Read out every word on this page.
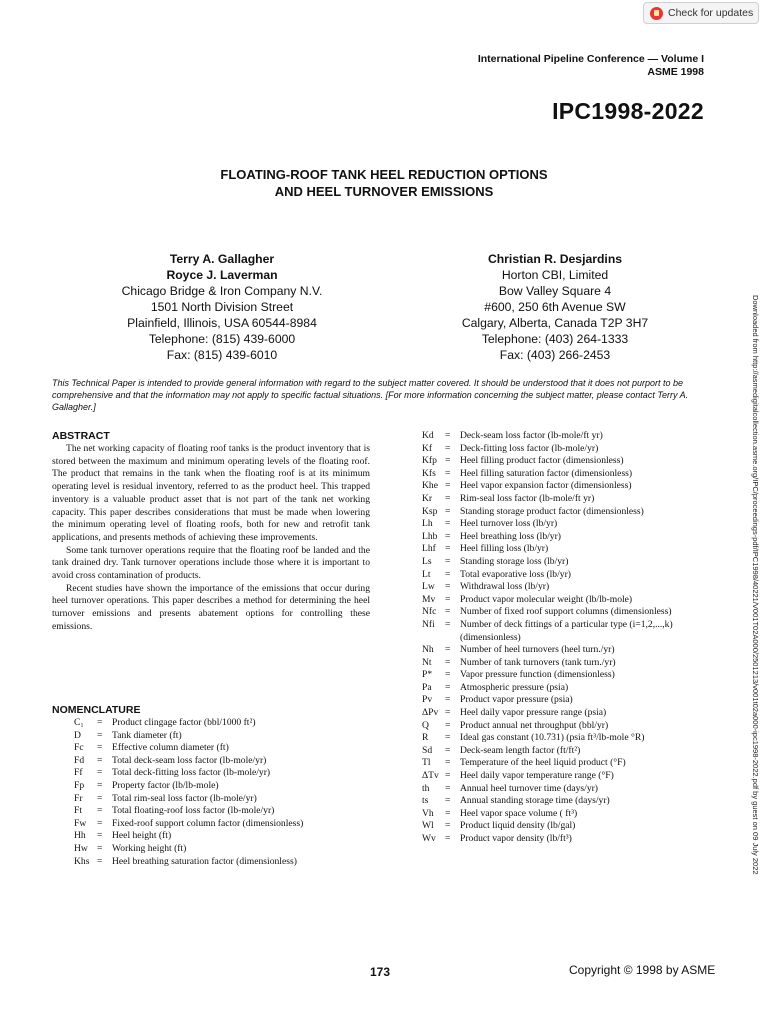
Check for updates
International Pipeline Conference — Volume I
ASME 1998
IPC1998-2022
FLOATING-ROOF TANK HEEL REDUCTION OPTIONS
AND HEEL TURNOVER EMISSIONS
Terry A. Gallagher
Royce J. Laverman
Chicago Bridge & Iron Company N.V.
1501 North Division Street
Plainfield, Illinois, USA 60544-8984
Telephone: (815) 439-6000
Fax: (815) 439-6010
Christian R. Desjardins
Horton CBI, Limited
Bow Valley Square 4
#600, 250 6th Avenue SW
Calgary, Alberta, Canada T2P 3H7
Telephone: (403) 264-1333
Fax: (403) 266-2453
This Technical Paper is intended to provide general information with regard to the subject matter covered. It should be understood that it does not purport to be comprehensive and that the information may not apply to specific factual situations. [For more information concerning the subject matter, please contact Terry A. Gallagher.]
ABSTRACT

The net working capacity of floating roof tanks is the product inventory that is stored between the maximum and minimum operating levels of the floating roof. The product that remains in the tank when the floating roof is at its minimum operating level is residual inventory, referred to as the product heel. This trapped inventory is a valuable product asset that is not part of the tank net working capacity. This paper describes considerations that must be made when lowering the minimum operating level of floating roofs, both for new and retrofit tank applications, and presents methods of achieving these improvements.

Some tank turnover operations require that the floating roof be landed and the tank drained dry. Tank turnover operations include those where it is important to avoid cross contamination of products.

Recent studies have shown the importance of the emissions that occur during heel turnover operations. This paper describes a method for determining the heel turnover emissions and presents abatement options for controlling these emissions.

NOMENCLATURE
C₁	= Product clingage factor (bbl/1000 ft²)
D	= Tank diameter (ft)
Fc	= Effective column diameter (ft)
Fd	= Total deck-seam loss factor (lb-mole/yr)
Ff	= Total deck-fitting loss factor (lb-mole/yr)
Fp	= Property factor (lb/lb-mole)
Fr	= Total rim-seal loss factor (lb-mole/yr)
Ft	= Total floating-roof loss factor (lb-mole/yr)
Fw	= Fixed-roof support column factor (dimensionless)
Hh	= Heel height (ft)
Hw = Working height (ft)
Khs = Heel breathing saturation factor (dimensionless)
Kd	= Deck-seam loss factor (lb-mole/ft yr)
Kf	= Deck-fitting loss factor (lb-mole/yr)
Kfp = Heel filling product factor (dimensionless)
Kfs = Heel filling saturation factor (dimensionless)
Khe = Heel vapor expansion factor (dimensionless)
Kr	= Rim-seal loss factor (lb-mole/ft yr)
Ksp = Standing storage product factor (dimensionless)
Lh	= Heel turnover loss (lb/yr)
Lhb = Heel breathing loss (lb/yr)
Lhf = Heel filling loss (lb/yr)
Ls	= Standing storage loss (lb/yr)
Lt	= Total evaporative loss (lb/yr)
Lw	= Withdrawal loss (lb/yr)
Mv	= Product vapor molecular weight (lb/lb-mole)
Nfc = Number of fixed roof support columns (dimensionless)
Nfi	= Number of deck fittings of a particular type (i=1,2,...,k)
(dimensionless)
Nh	= Number of heel turnovers (heel turn./yr)
Nt	= Number of tank turnovers (tank turn./yr)
P*	= Vapor pressure function (dimensionless)
Pa	= Atmospheric pressure (psia)
Pv	= Product vapor pressure (psia)
ΔPv = Heel daily vapor pressure range (psia)
Q	= Product annual net throughput (bbl/yr)
R	= Ideal gas constant (10.731) (psia ft³/lb-mole °R)
Sd	= Deck-seam length factor (ft/ft²)
Tl	= Temperature of the heel liquid product (°F)
ΔTv = Heel daily vapor temperature range (°F)
th	= Annual heel turnover time (days/yr)
ts	= Annual standing storage time (days/yr)
Vh	= Heel vapor space volume ( ft³)
Wl	= Product liquid density (lb/gal)
Wv = Product vapor density (lb/ft³)	Downloaded from http://asmedigitalcollection.asme.org/IPC/proceedings-pdf/IPC1998/40221/V001T02A000/2501213/v001t02a000-ipc1998-2022.pdf by guest on 09 July 2022
173	Copyright © 1998 by ASME
